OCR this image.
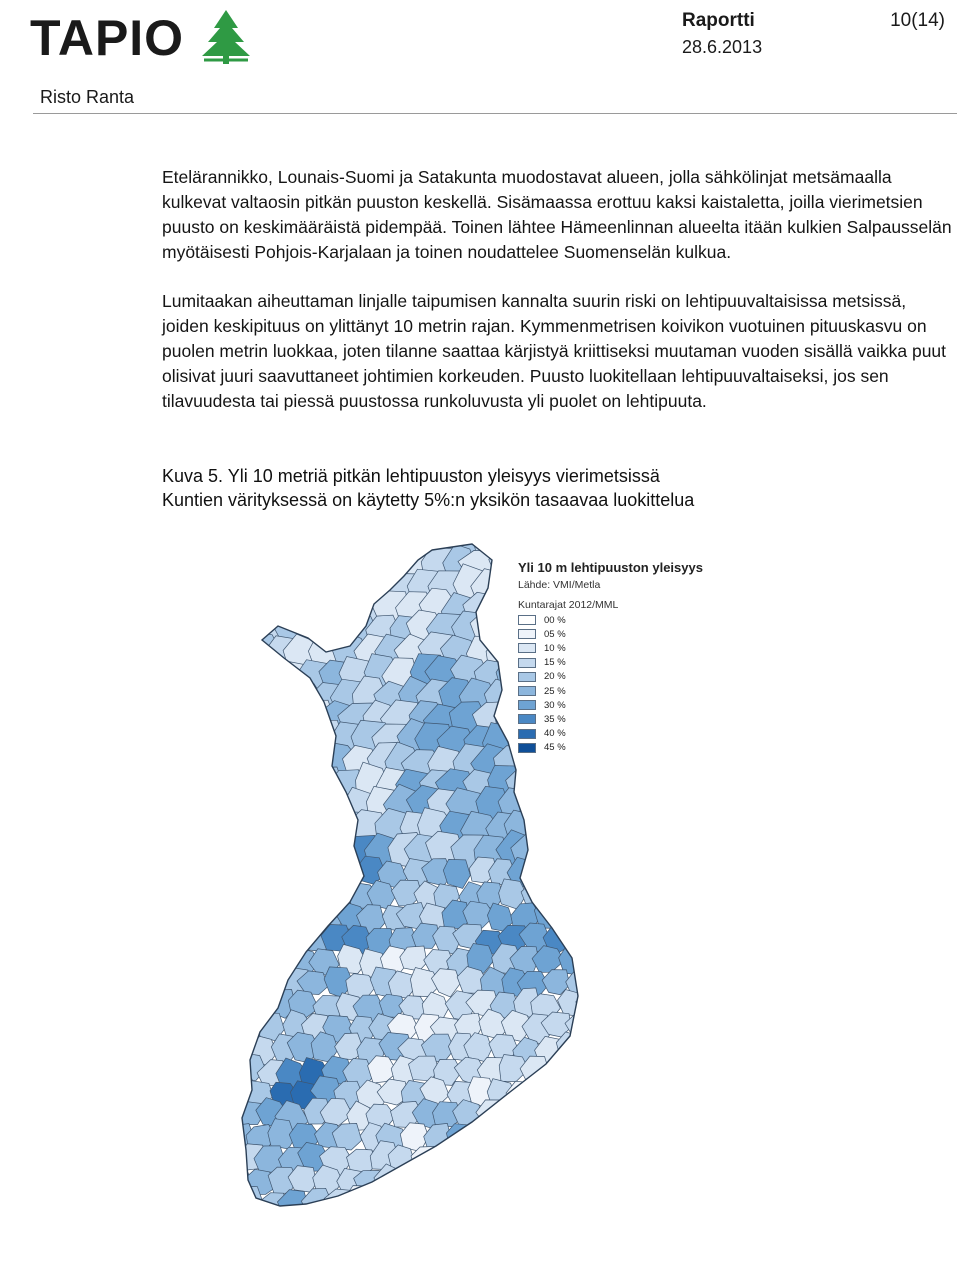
TAPIO	Raportti	10(14)
28.6.2013
Risto Ranta

Etelärannikko, Lounais-Suomi ja Satakunta muodostavat alueen, jolla sähkölinjat metsämaalla kulkevat valtaosin pitkän puuston keskellä. Sisämaassa erottuu kaksi kaistaletta, joilla vierimetsien puusto on keskimääräistä pidempää. Toinen lähtee Hämeenlinnan alueelta itään kulkien Salpausselän myötäisesti Pohjois-Karjalaan ja toinen noudattelee Suomenselän kulkua.

Lumitaakan aiheuttaman linjalle taipumisen kannalta suurin riski on lehtipuuvaltaisissa metsissä, joiden keskipituus on ylittänyt 10 metrin rajan. Kymmenmetrisen koivikon vuotuinen pituuskasvu on puolen metrin luokkaa, joten tilanne saattaa kärjistyä kriittiseksi muutaman vuoden sisällä vaikka puut olisivat juuri saavuttaneet johtimien korkeuden. Puusto luokitellaan lehtipuuvaltaiseksi, jos sen tilavuudesta tai piessä puustossa runkoluvusta yli puolet on lehtipuuta.

Kuva 5. Yli 10 metriä pitkän lehtipuuston yleisyys vierimetsissä
Kuntien värityksessä on käytetty 5%:n yksikön tasaavaa luokittelua
Yli 10 m lehtipuuston yleisyys
Lähde: VMI/Metla
Kuntarajat 2012/MML
00 %
05 %
10 %
15 %
20 %
25 %
30 %
35 %
40 %
45 %
